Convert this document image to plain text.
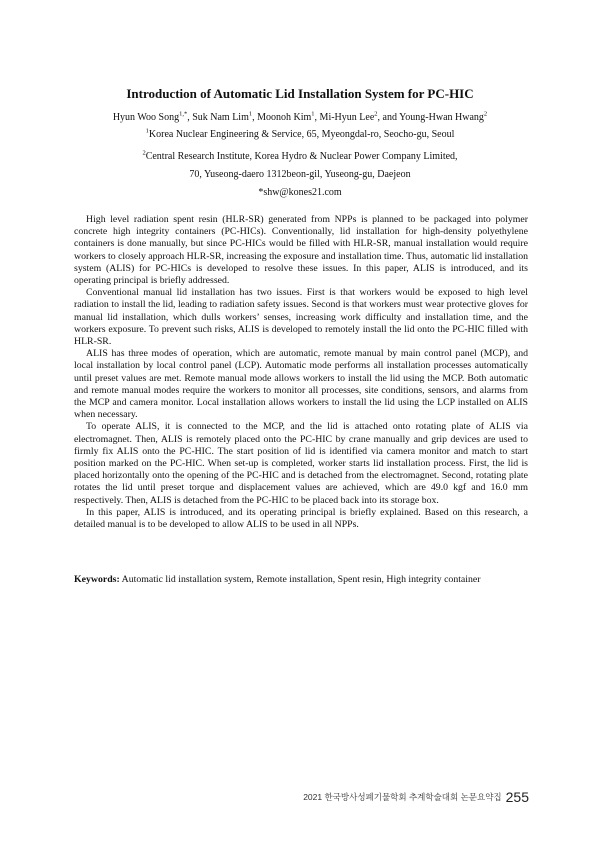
Introduction of Automatic Lid Installation System for PC-HIC
Hyun Woo Song$^{1,*}$, Suk Nam Lim$^1$, Moonoh Kim$^1$, Mi-Hyun Lee$^2$, and Young-Hwan Hwang$^2$
$^1$Korea Nuclear Engineering & Service, 65, Myeongdal-ro, Seocho-gu, Seoul
$^2$Central Research Institute, Korea Hydro & Nuclear Power Company Limited,
70, Yuseong-daero 1312beon-gil, Yuseong-gu, Daejeon
*shw@kones21.com

High level radiation spent resin (HLR-SR) generated from NPPs is planned to be packaged into polymer concrete high integrity containers (PC-HICs). Conventionally, lid installation for high-density polyethylene containers is done manually, but since PC-HICs would be filled with HLR-SR, manual installation would require workers to closely approach HLR-SR, increasing the exposure and installation time. Thus, automatic lid installation system (ALIS) for PC-HICs is developed to resolve these issues. In this paper, ALIS is introduced, and its operating principal is briefly addressed.

Conventional manual lid installation has two issues. First is that workers would be exposed to high level radiation to install the lid, leading to radiation safety issues. Second is that workers must wear protective gloves for manual lid installation, which dulls workers’ senses, increasing work difficulty and installation time, and the workers exposure. To prevent such risks, ALIS is developed to remotely install the lid onto the PC-HIC filled with HLR-SR.

ALIS has three modes of operation, which are automatic, remote manual by main control panel (MCP), and local installation by local control panel (LCP). Automatic mode performs all installation processes automatically until preset values are met. Remote manual mode allows workers to install the lid using the MCP. Both automatic and remote manual modes require the workers to monitor all processes, site conditions, sensors, and alarms from the MCP and camera monitor. Local installation allows workers to install the lid using the LCP installed on ALIS when necessary.

To operate ALIS, it is connected to the MCP, and the lid is attached onto rotating plate of ALIS via electromagnet. Then, ALIS is remotely placed onto the PC-HIC by crane manually and grip devices are used to firmly fix ALIS onto the PC-HIC. The start position of lid is identified via camera monitor and match to start position marked on the PC-HIC. When set-up is completed, worker starts lid installation process. First, the lid is placed horizontally onto the opening of the PC-HIC and is detached from the electromagnet. Second, rotating plate rotates the lid until preset torque and displacement values are achieved, which are 49.0 kgf and 16.0 mm respectively. Then, ALIS is detached from the PC-HIC to be placed back into its storage box.

In this paper, ALIS is introduced, and its operating principal is briefly explained. Based on this research, a detailed manual is to be developed to allow ALIS to be used in all NPPs.

Keywords: Automatic lid installation system, Remote installation, Spent resin, High integrity container
2021 한국방사성폐기물학회 추계학술대회 논문요약집 255
